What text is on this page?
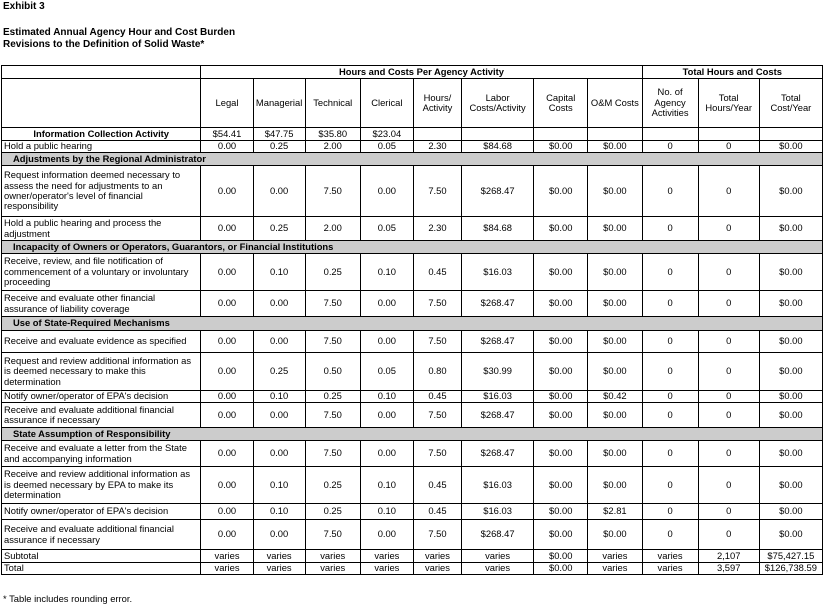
Exhibit 3
Estimated Annual Agency Hour and Cost Burden
Revisions to the Definition of Solid Waste*
	Hours and Costs Per Agency Activity								Total Hours and Costs		
	Legal	Managerial	Technical	Clerical	Hours/ Activity	Labor Costs/Activity	Capital Costs	O&M Costs	No. of Agency Activities	Total Hours/Year	Total Cost/Year
Information Collection Activity	$54.41	$47.75	$35.80	$23.04							
Hold a public hearing	0.00	0.25	2.00	0.05	2.30	$84.68	$0.00	$0.00	0	0	$0.00
Adjustments by the Regional Administrator											
Request information deemed necessary to assess the need for adjustments to an owner/operator's level of financial responsibility	0.00	0.00	7.50	0.00	7.50	$268.47	$0.00	$0.00	0	0	$0.00
Hold a public hearing and process the adjustment	0.00	0.25	2.00	0.05	2.30	$84.68	$0.00	$0.00	0	0	$0.00
Incapacity of Owners or Operators, Guarantors, or Financial Institutions											
Receive, review, and file notification of commencement of a voluntary or involuntary proceeding	0.00	0.10	0.25	0.10	0.45	$16.03	$0.00	$0.00	0	0	$0.00
Receive and evaluate other financial assurance of liability coverage	0.00	0.00	7.50	0.00	7.50	$268.47	$0.00	$0.00	0	0	$0.00
Use of State-Required Mechanisms											
Receive and evaluate evidence as specified	0.00	0.00	7.50	0.00	7.50	$268.47	$0.00	$0.00	0	0	$0.00
Request and review additional information as is deemed necessary to make this determination	0.00	0.25	0.50	0.05	0.80	$30.99	$0.00	$0.00	0	0	$0.00
Notify owner/operator of EPA's decision	0.00	0.10	0.25	0.10	0.45	$16.03	$0.00	$0.42	0	0	$0.00
Receive and evaluate additional financial assurance if necessary	0.00	0.00	7.50	0.00	7.50	$268.47	$0.00	$0.00	0	0	$0.00
State Assumption of Responsibility											
Receive and evaluate a letter from the State and accompanying information	0.00	0.00	7.50	0.00	7.50	$268.47	$0.00	$0.00	0	0	$0.00
Receive and review additional information as is deemed necessary by EPA to make its determination	0.00	0.10	0.25	0.10	0.45	$16.03	$0.00	$0.00	0	0	$0.00
Notify owner/operator of EPA's decision	0.00	0.10	0.25	0.10	0.45	$16.03	$0.00	$2.81	0	0	$0.00
Receive and evaluate additional financial assurance if necessary	0.00	0.00	7.50	0.00	7.50	$268.47	$0.00	$0.00	0	0	$0.00
Subtotal	varies	varies	varies	varies	varies	varies	$0.00	varies	varies	2,107	$75,427.15
Total	varies	varies	varies	varies	varies	varies	$0.00	varies	varies	3,597	$126,738.59
* Table includes rounding error.
